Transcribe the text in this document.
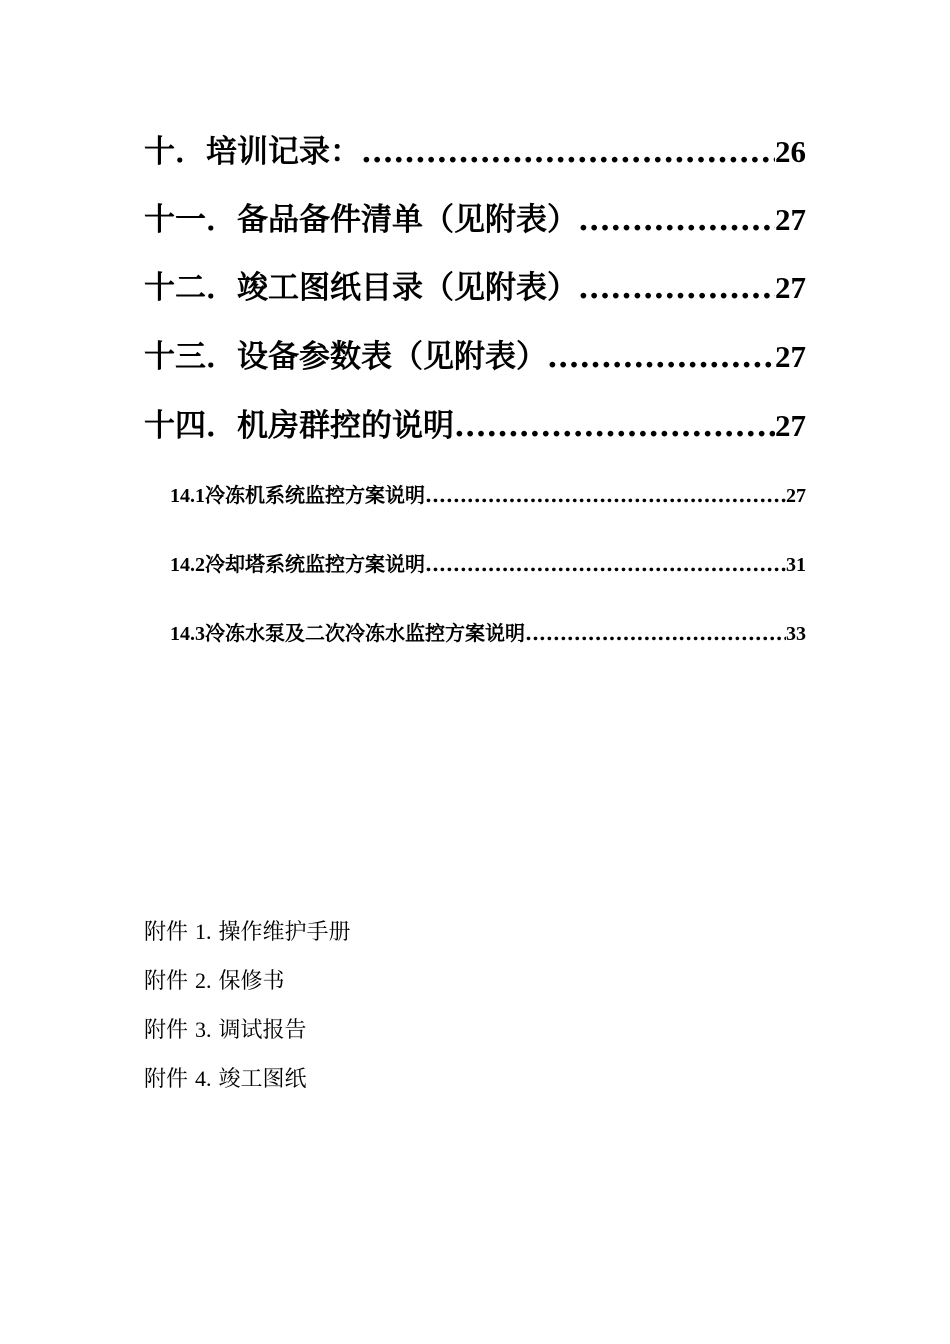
十． 培训记录： .....	26
十一． 备品备件清单（见附表） .....	27
十二． 竣工图纸目录（见附表） .....	27
十三． 设备参数表（见附表） .....	27
十四． 机房群控的说明 .....	27
14.1 冷冻机系统监控方案说明 .....	27
14.2 冷却塔系统监控方案说明 .....	31
14.3 冷冻水泵及二次冷冻水监控方案说明 .....	33
附件 1. 操作维护手册
附件 2. 保修书
附件 3. 调试报告
附件 4. 竣工图纸
